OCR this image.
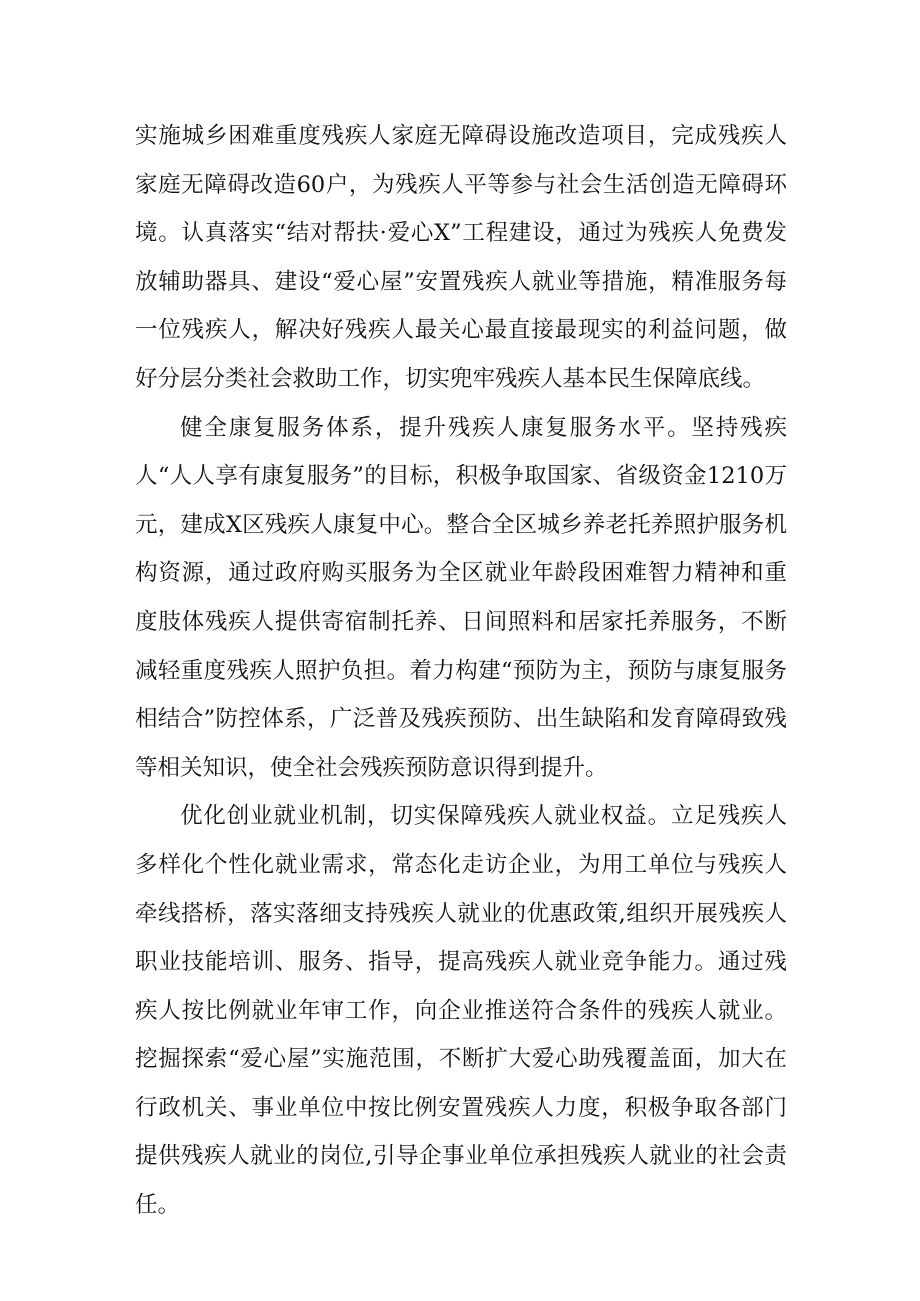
实施城乡困难重度残疾人家庭无障碍设施改造项目，完成残疾人家庭无障碍改造60户，为残疾人平等参与社会生活创造无障碍环境。认真落实“结对帮扶·爱心X”工程建设，通过为残疾人免费发放辅助器具、建设“爱心屋”安置残疾人就业等措施，精准服务每一位残疾人，解决好残疾人最关心最直接最现实的利益问题，做好分层分类社会救助工作，切实兜牢残疾人基本民生保障底线。

健全康复服务体系，提升残疾人康复服务水平。坚持残疾人“人人享有康复服务”的目标，积极争取国家、省级资金1210万元，建成X区残疾人康复中心。整合全区城乡养老托养照护服务机构资源，通过政府购买服务为全区就业年龄段困难智力精神和重度肢体残疾人提供寄宿制托养、日间照料和居家托养服务，不断减轻重度残疾人照护负担。着力构建“预防为主，预防与康复服务相结合”防控体系，广泛普及残疾预防、出生缺陷和发育障碍致残等相关知识，使全社会残疾预防意识得到提升。

优化创业就业机制，切实保障残疾人就业权益。立足残疾人多样化个性化就业需求，常态化走访企业，为用工单位与残疾人牵线搭桥，落实落细支持残疾人就业的优惠政策,组织开展残疾人职业技能培训、服务、指导，提高残疾人就业竞争能力。通过残疾人按比例就业年审工作，向企业推送符合条件的残疾人就业。挖掘探索“爱心屋”实施范围，不断扩大爱心助残覆盖面，加大在行政机关、事业单位中按比例安置残疾人力度，积极争取各部门提供残疾人就业的岗位,引导企事业单位承担残疾人就业的社会责任。
